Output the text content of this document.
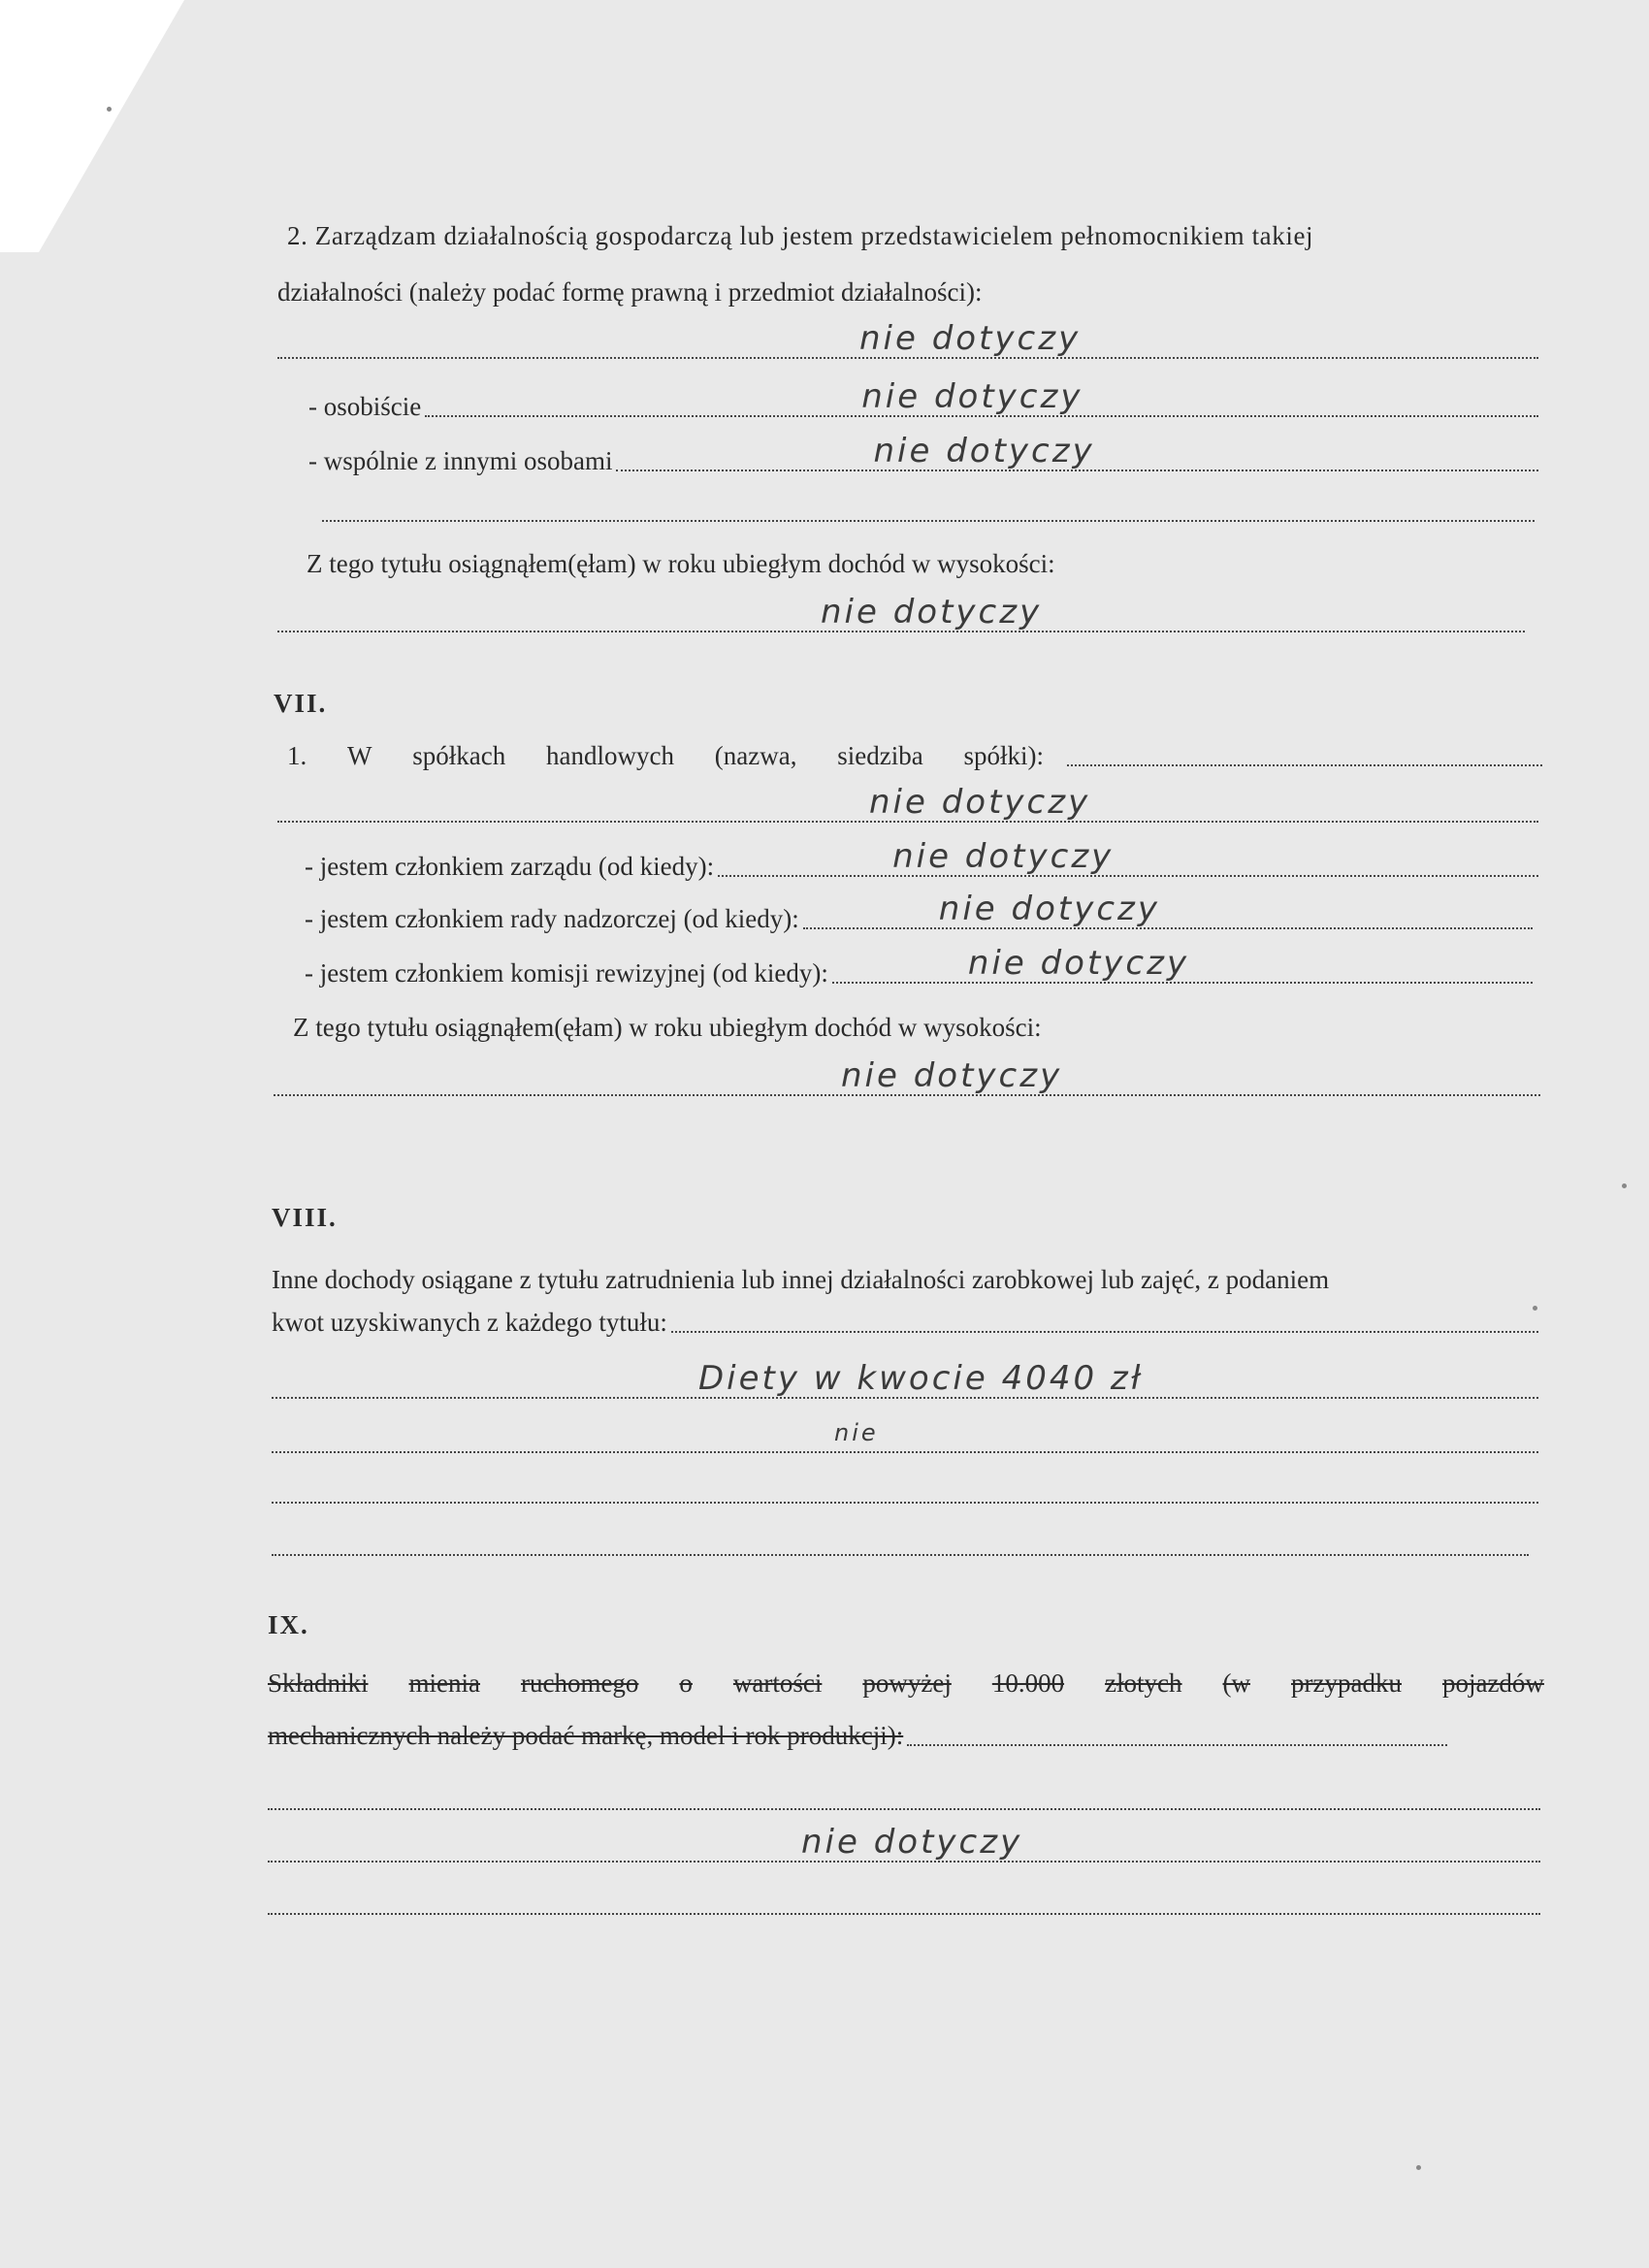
2. Zarządzam działalnością gospodarczą lub jestem przedstawicielem pełnomocnikiem takiej
działalności (należy podać formę prawną i przedmiot działalności):
nie dotyczy
- osobiście	nie dotyczy
- wspólnie z innymi osobami	nie dotyczy
Z tego tytułu osiągnąłem(ęłam) w roku ubiegłym dochód w wysokości:
nie dotyczy
VII.
1. W spółkach handlowych (nazwa, siedziba spółki):
nie dotyczy
- jestem członkiem zarządu (od kiedy):	nie dotyczy
- jestem członkiem rady nadzorczej (od kiedy):	nie dotyczy
- jestem członkiem komisji rewizyjnej (od kiedy):	nie dotyczy
Z tego tytułu osiągnąłem(ęłam) w roku ubiegłym dochód w wysokości:
nie dotyczy
VIII.
Inne dochody osiągane z tytułu zatrudnienia lub innej działalności zarobkowej lub zajęć, z podaniem
kwot uzyskiwanych z każdego tytułu:
Diety w kwocie 4040 zł
nie
IX.
Składniki mienia ruchomego o wartości powyżej 10.000 złotych (w przypadku pojazdów
mechanicznych należy podać markę, model i rok produkcji):
nie dotyczy
